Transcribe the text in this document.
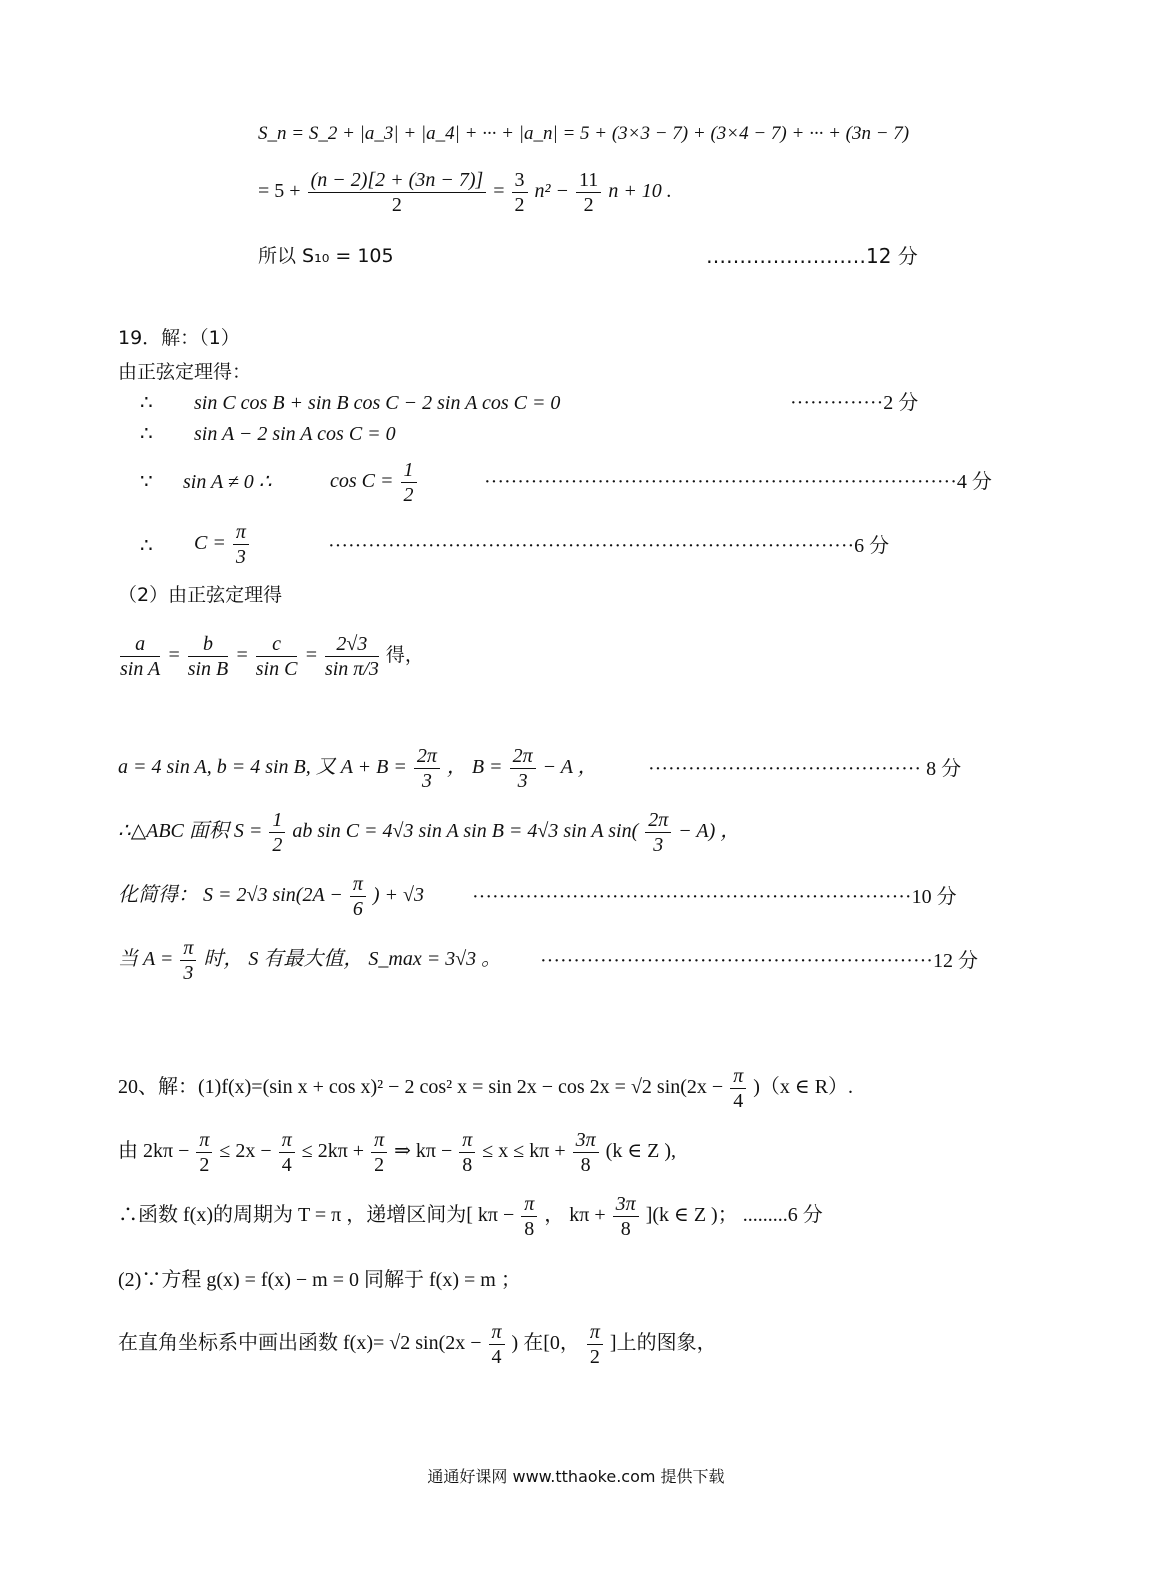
S_n = S_2 + |a_3| + |a_4| + ··· + |a_n| = 5 + (3×3 − 7) + (3×4 − 7) + ··· + (3n − 7)
= $5 + \frac{(n - 2)[2 + (3n - 7)]}{2} = \frac{3}{2} n^2 - \frac{11}{2}$ n + 10 .
所以 S₁₀ = 105	……………………12 分
19．解：（1）
由正弦定理得：
∴ sin C cos B + sin B cos C − 2 sin A cos C = 0	··············2 分
∴ sin A − 2 sin A cos C = 0
∵ sin A ≠ 0 ∴	$\cos C = \frac{1}{2}$	·······································································4 分
∴ $C = \frac{\pi}{3}$	···············································································6 分
（2）由正弦定理得
$\frac{a}{\text{sin A}} = \frac{b}{\text{sin B}} = \frac{c}{\text{sin C}} = \frac{2√3}{\text{sin π/3}}$ 得，
a = 4 sin A, b = 4 sin B, 又 $A + B = \frac{2\pi}{3}$ ， $B = \frac{2\pi}{3} - A$ ，	········································· 8 分
∴△ABC 面积 $S = \frac{1}{2}$ ab sin C = 4√3 sin A sin B = 4√3 sin A $\sin( \frac{2\pi}{3} - A)$ ，
化简得： S = 2√3 $\sin(2A - \frac{\pi}{6}$ ) + √3 ··································································10 分
当 $A = \frac{\pi}{3}$ 时， S 有最大值， S_max = 3√3 。 ···························································12 分
20、解：(1)f(x)=(sin x + cos x)² − 2 cos² x = sin 2x − cos 2x = √2 $\sin(2x - \frac{\pi}{4} )(x$ ∈ R）.
由 $2k\pi - \frac{\pi}{2} \le 2x - \frac{\pi}{4} \le 2k\pi + \frac{\pi}{2}$ ⇒ $k\pi - \frac{\pi}{8} \le x \le k\pi + \frac{3\pi}{8} (k$ ∈ Z ),
∴函数 f(x)的周期为 T = π ，递增区间为[ $k\pi - \frac{\pi}{8}$ ， $k\pi + \frac{3\pi}{8} ](k$ ∈ Z )； .........6 分
(2)∵方程 g(x) = f(x) − m = 0 同解于 f(x) = m ；
在直角坐标系中画出函数 f(x)= √2 $\sin(2x - \frac{\pi}{4}$ ) 在[0， $\frac{\pi}{2}$ ]上的图象，
通通好课网 www.tthaoke.com 提供下载
